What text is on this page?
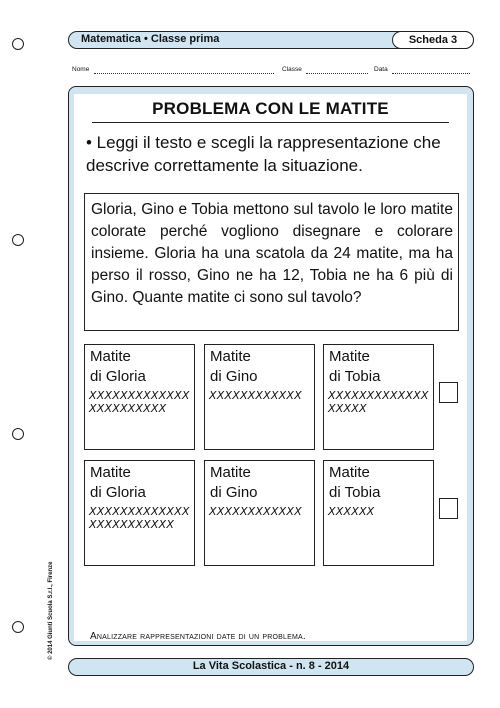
Matematica • Classe prima	Scheda 3
Nome	Classe	Data
PROBLEMA CON LE MATITE
• Leggi il testo e scegli la rappresentazione che descrive correttamente la situazione.
Gloria, Gino e Tobia mettono sul tavolo le loro matite colorate perché vogliono disegnare e colorare insieme. Gloria ha una scatola da 24 matite, ma ha perso il rosso, Gino ne ha 12, Tobia ne ha 6 più di Gino. Quante matite ci sono sul tavolo?
Matite
di Gloria
XXXXXXXXXXXXXXXXXXXXXXX
Matite
di Gino
XXXXXXXXXXXX
Matite
di Tobia
XXXXXXXXXXXXXXXXXX
Matite
di Gloria
XXXXXXXXXXXXXXXXXXXXXXXX
Matite
di Gino
XXXXXXXXXXXX
Matite
di Tobia
XXXXXX
Analizzare rappresentazioni date di un problema.
© 2014 Giunti Scuola S.r.l., Firenze
La Vita Scolastica - n. 8 - 2014
